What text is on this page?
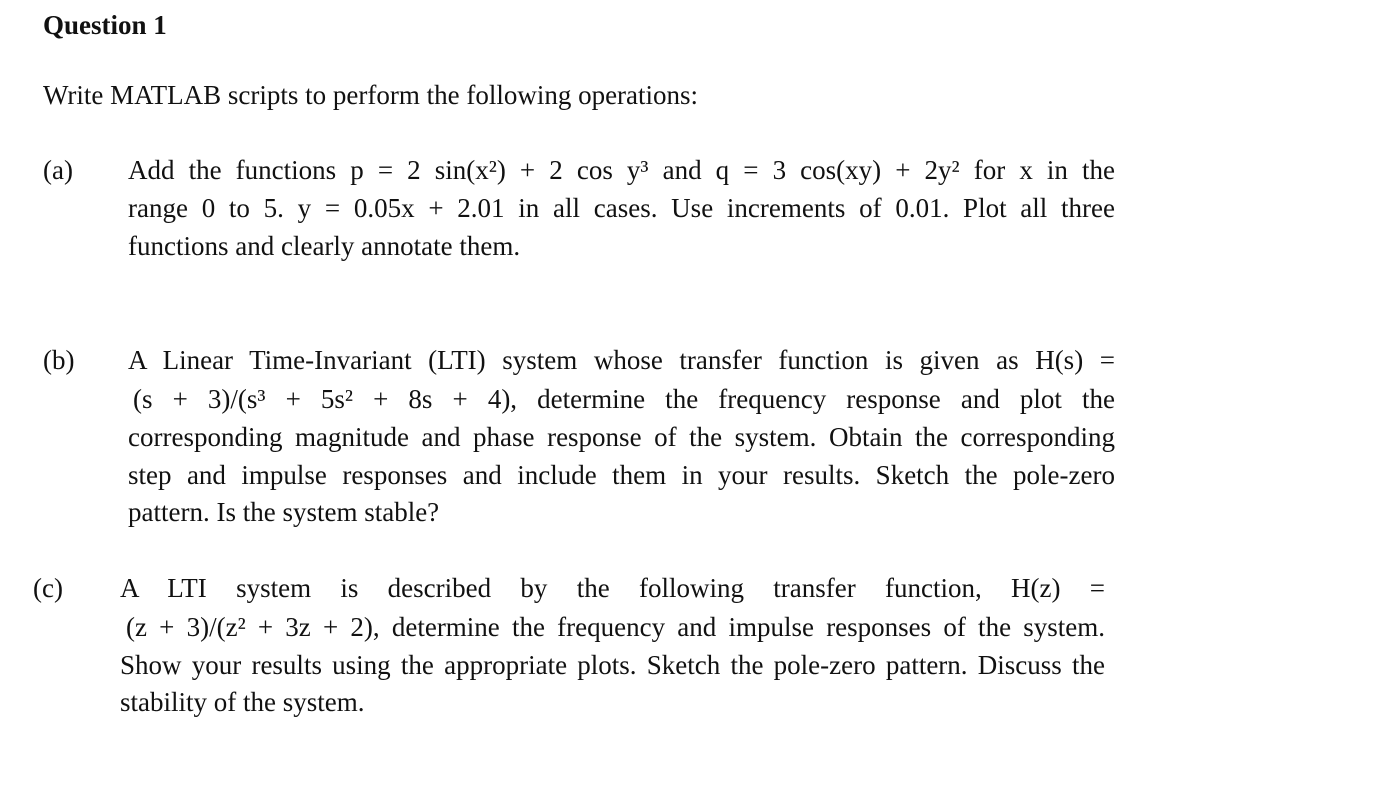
Question 1
Write MATLAB scripts to perform the following operations:
(a) Add the functions p = 2 sin(x²) + 2 cos y³ and q = 3 cos(xy) + 2y² for x in the
range 0 to 5. y = 0.05x + 2.01 in all cases. Use increments of 0.01. Plot all three
functions and clearly annotate them.
(b) A Linear Time-Invariant (LTI) system whose transfer function is given as H(s) =
(s + 3)/(s³ + 5s² + 8s + 4), determine the frequency response and plot the
corresponding magnitude and phase response of the system. Obtain the corresponding
step and impulse responses and include them in your results. Sketch the pole-zero
pattern. Is the system stable?
(c) A LTI system is described by the following transfer function, H(z) =
(z + 3)/(z² + 3z + 2), determine the frequency and impulse responses of the system.
Show your results using the appropriate plots. Sketch the pole-zero pattern. Discuss the
stability of the system.
